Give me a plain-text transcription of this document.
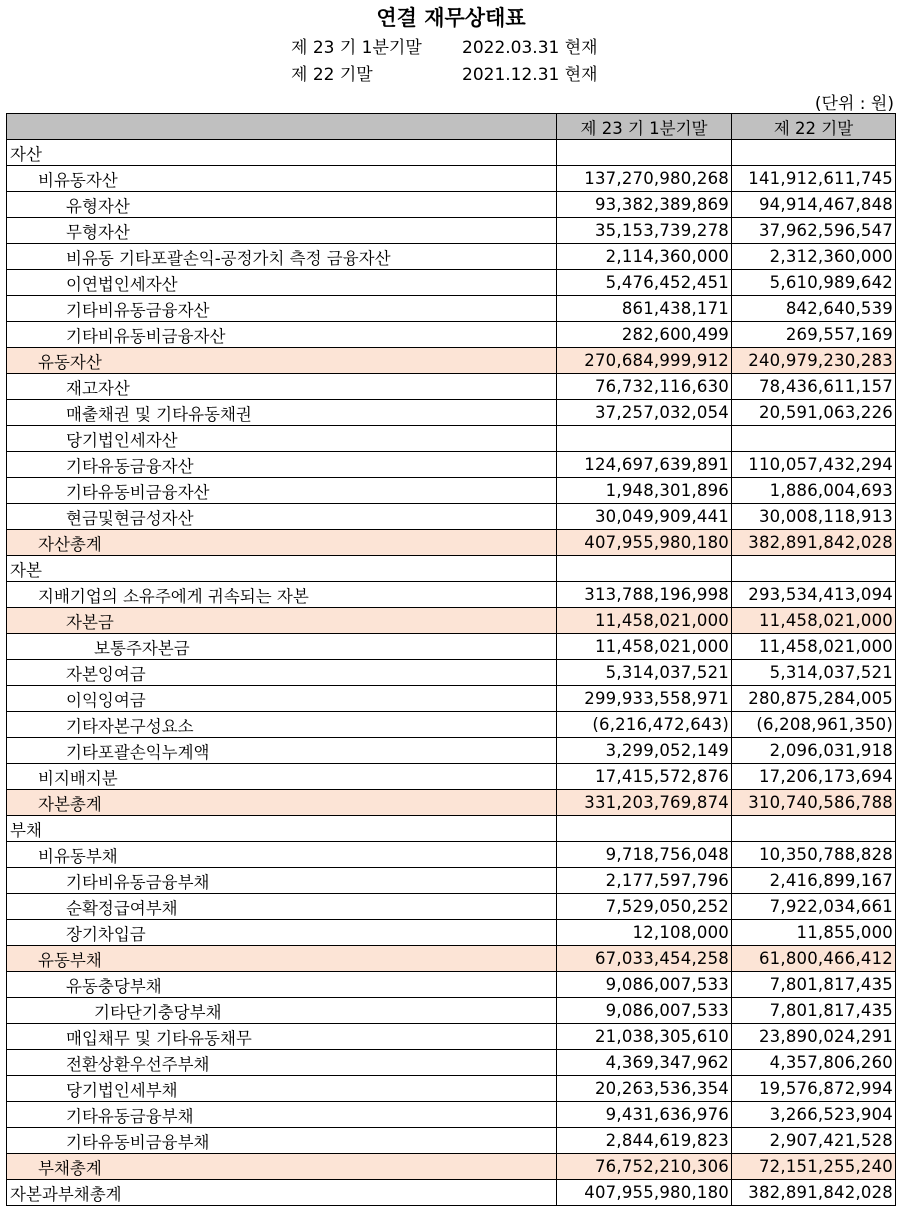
연결 재무상태표
제 23 기 1분기말 2022.03.31 현재
제 22 기말	2021.12.31 현재
(단위 : 원)
	제 23 기 1분기말	제 22 기말
자산		
비유동자산	137,270,980,268	141,912,611,745
유형자산	93,382,389,869	94,914,467,848
무형자산	35,153,739,278	37,962,596,547
비유동 기타포괄손익-공정가치 측정 금융자산	2,114,360,000	2,312,360,000
이연법인세자산	5,476,452,451	5,610,989,642
기타비유동금융자산	861,438,171	842,640,539
기타비유동비금융자산	282,600,499	269,557,169
유동자산	270,684,999,912	240,979,230,283
재고자산	76,732,116,630	78,436,611,157
매출채권 및 기타유동채권	37,257,032,054	20,591,063,226
당기법인세자산		
기타유동금융자산	124,697,639,891	110,057,432,294
기타유동비금융자산	1,948,301,896	1,886,004,693
현금및현금성자산	30,049,909,441	30,008,118,913
자산총계	407,955,980,180	382,891,842,028
자본		
지배기업의 소유주에게 귀속되는 자본	313,788,196,998	293,534,413,094
자본금	11,458,021,000	11,458,021,000
보통주자본금	11,458,021,000	11,458,021,000
자본잉여금	5,314,037,521	5,314,037,521
이익잉여금	299,933,558,971	280,875,284,005
기타자본구성요소	(6,216,472,643)	(6,208,961,350)
기타포괄손익누계액	3,299,052,149	2,096,031,918
비지배지분	17,415,572,876	17,206,173,694
자본총계	331,203,769,874	310,740,586,788
부채		
비유동부채	9,718,756,048	10,350,788,828
기타비유동금융부채	2,177,597,796	2,416,899,167
순확정급여부채	7,529,050,252	7,922,034,661
장기차입금	12,108,000	11,855,000
유동부채	67,033,454,258	61,800,466,412
유동충당부채	9,086,007,533	7,801,817,435
기타단기충당부채	9,086,007,533	7,801,817,435
매입채무 및 기타유동채무	21,038,305,610	23,890,024,291
전환상환우선주부채	4,369,347,962	4,357,806,260
당기법인세부채	20,263,536,354	19,576,872,994
기타유동금융부채	9,431,636,976	3,266,523,904
기타유동비금융부채	2,844,619,823	2,907,421,528
부채총계	76,752,210,306	72,151,255,240
자본과부채총계	407,955,980,180	382,891,842,028
